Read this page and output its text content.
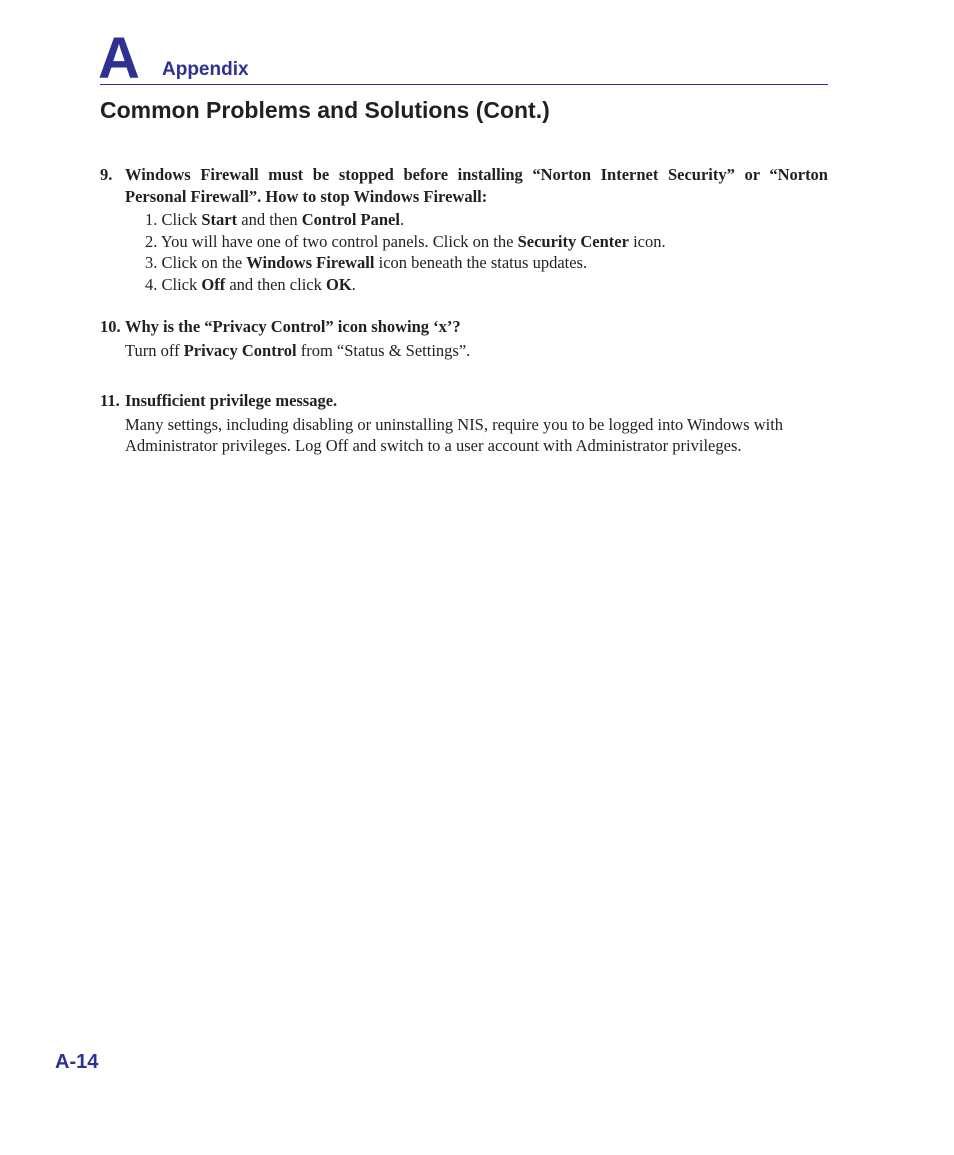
A Appendix
Common Problems and Solutions (Cont.)
9. Windows Firewall must be stopped before installing “Norton Internet Security” or “Norton Personal Firewall”. How to stop Windows Firewall:
1. Click Start and then Control Panel.
2. You will have one of two control panels. Click on the Security Center icon.
3. Click on the Windows Firewall icon beneath the status updates.
4. Click Off and then click OK.
10. Why is the “Privacy Control” icon showing ‘x’?
Turn off Privacy Control from “Status & Settings”.
11. Insufficient privilege message.
Many settings, including disabling or uninstalling NIS, require you to be logged into Windows with Administrator privileges. Log Off and switch to a user account with Administrator privileges.
A-14
